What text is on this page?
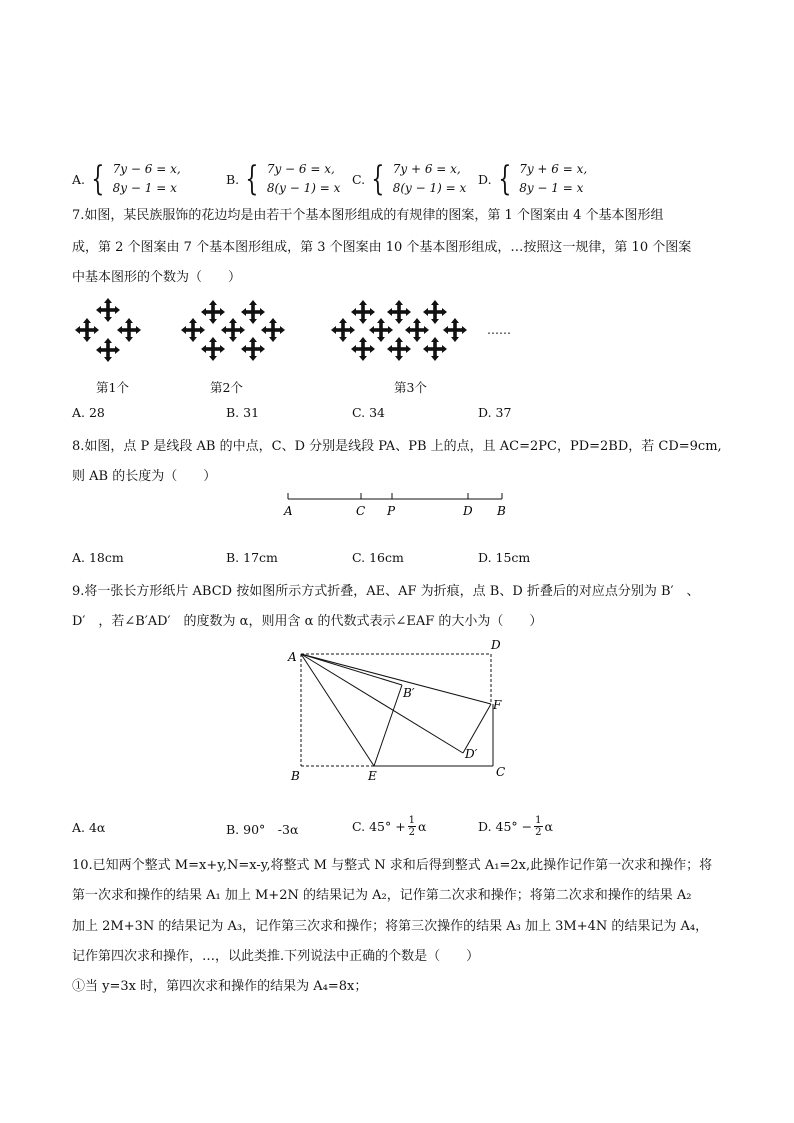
A. { 7y − 6 = x,
8y − 1 = x
B. { 7y − 6 = x,
8(y − 1) = x
C. { 7y + 6 = x,
8(y − 1) = x
D. { 7y + 6 = x,
8y − 1 = x
7.如图，某民族服饰的花边均是由若干个基本图形组成的有规律的图案，第 1 个图案由 4 个基本图形组
成，第 2 个图案由 7 个基本图形组成，第 3 个图案由 10 个基本图形组成，…按照这一规律，第 10 个图案
中基本图形的个数为（　　）
……
第1个	第2个	第3个
A. 28	B. 31	C. 34	D. 37
8.如图，点 P 是线段 AB 的中点，C、D 分别是线段 PA、PB 上的点，且 AC=2PC，PD=2BD，若 CD=9cm,
则 AB 的长度为（　　）
A	C P	D B
A. 18cm	B. 17cm	C. 16cm	D. 15cm
9.将一张长方形纸片 ABCD 按如图所示方式折叠，AE、AF 为折痕，点 B、D 折叠后的对应点分别为 B′　、
D′　，若∠B′AD′　的度数为 α，则用含 α 的代数式表示∠EAF 的大小为（　　）
A
D
B′
F
D′
B	E	C
A. 4α	B. 90°　-3α	C. $45^\circ + \frac{1}{2}$ α	D. $45^\circ - \frac{1}{2}$ α
10.已知两个整式 M=x+y,N=x-y,将整式 M 与整式 N 求和后得到整式 A₁=2x,此操作记作第一次求和操作；将
第一次求和操作的结果 A₁ 加上 M+2N 的结果记为 A₂，记作第二次求和操作；将第二次求和操作的结果 A₂
加上 2M+3N 的结果记为 A₃，记作第三次求和操作；将第三次操作的结果 A₃ 加上 3M+4N 的结果记为 A₄，
记作第四次求和操作，…，以此类推.下列说法中正确的个数是（　　）
①当 y=3x 时，第四次求和操作的结果为 A₄=8x；
